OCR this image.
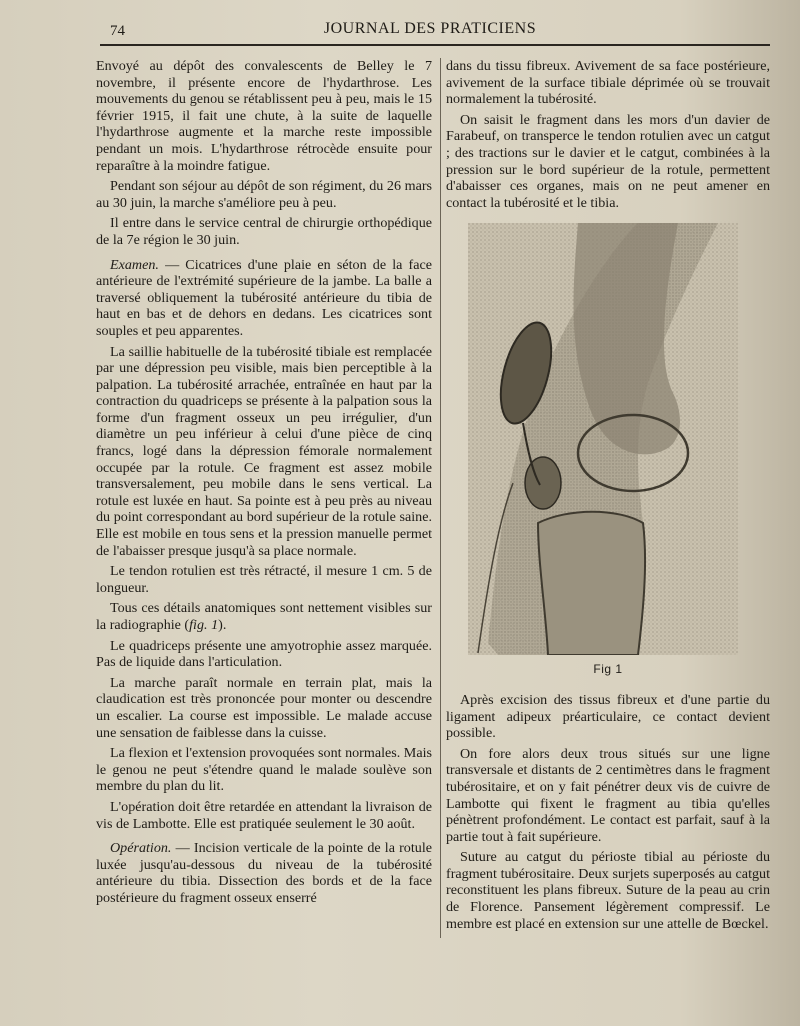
74	JOURNAL DES PRATICIENS

Envoyé au dépôt des convalescents de Belley le 7 novembre, il présente encore de l'hydarthrose. Les mouvements du genou se rétablissent peu à peu, mais le 15 février 1915, il fait une chute, à la suite de laquelle l'hydarthrose augmente et la marche reste impossible pendant un mois. L'hydarthrose rétrocède ensuite pour reparaître à la moindre fatigue.

Pendant son séjour au dépôt de son régiment, du 26 mars au 30 juin, la marche s'améliore peu à peu.

Il entre dans le service central de chirurgie orthopédique de la 7e région le 30 juin.

Examen. — Cicatrices d'une plaie en séton de la face antérieure de l'extrémité supérieure de la jambe. La balle a traversé obliquement la tubérosité antérieure du tibia de haut en bas et de dehors en dedans. Les cicatrices sont souples et peu apparentes.

La saillie habituelle de la tubérosité tibiale est remplacée par une dépression peu visible, mais bien perceptible à la palpation. La tubérosité arrachée, entraînée en haut par la contraction du quadriceps se présente à la palpation sous la forme d'un fragment osseux un peu irrégulier, d'un diamètre un peu inférieur à celui d'une pièce de cinq francs, logé dans la dépression fémorale normalement occupée par la rotule. Ce fragment est assez mobile transversalement, peu mobile dans le sens vertical. La rotule est luxée en haut. Sa pointe est à peu près au niveau du point correspondant au bord supérieur de la rotule saine. Elle est mobile en tous sens et la pression manuelle permet de l'abaisser presque jusqu'à sa place normale.

Le tendon rotulien est très rétracté, il mesure 1 cm. 5 de longueur.

Tous ces détails anatomiques sont nettement visibles sur la radiographie (fig. 1).

Le quadriceps présente une amyotrophie assez marquée. Pas de liquide dans l'articulation.

La marche paraît normale en terrain plat, mais la claudication est très prononcée pour monter ou descendre un escalier. La course est impossible. Le malade accuse une sensation de faiblesse dans la cuisse.

La flexion et l'extension provoquées sont normales. Mais le genou ne peut s'étendre quand le malade soulève son membre du plan du lit.

L'opération doit être retardée en attendant la livraison de vis de Lambotte. Elle est pratiquée seulement le 30 août.

Opération. — Incision verticale de la pointe de la rotule luxée jusqu'au-dessous du niveau de la tubérosité antérieure du tibia. Dissection des bords et de la face postérieure du fragment osseux enserré

dans du tissu fibreux. Avivement de sa face postérieure, avivement de la surface tibiale déprimée où se trouvait normalement la tubérosité.

On saisit le fragment dans les mors d'un davier de Farabeuf, on transperce le tendon rotulien avec un catgut ; des tractions sur le davier et le catgut, combinées à la pression sur le bord supérieur de la rotule, permettent d'abaisser ces organes, mais on ne peut amener en contact la tubérosité et le tibia.

Fig 1

Après excision des tissus fibreux et d'une partie du ligament adipeux préarticulaire, ce contact devient possible.

On fore alors deux trous situés sur une ligne transversale et distants de 2 centimètres dans le fragment tubérositaire, et on y fait pénétrer deux vis de cuivre de Lambotte qui fixent le fragment au tibia qu'elles pénètrent profondément. Le contact est parfait, sauf à la partie tout à fait supérieure.

Suture au catgut du périoste tibial au périoste du fragment tubérositaire. Deux surjets superposés au catgut reconstituent les plans fibreux. Suture de la peau au crin de Florence. Pansement légèrement compressif. Le membre est placé en extension sur une attelle de Bœckel.
